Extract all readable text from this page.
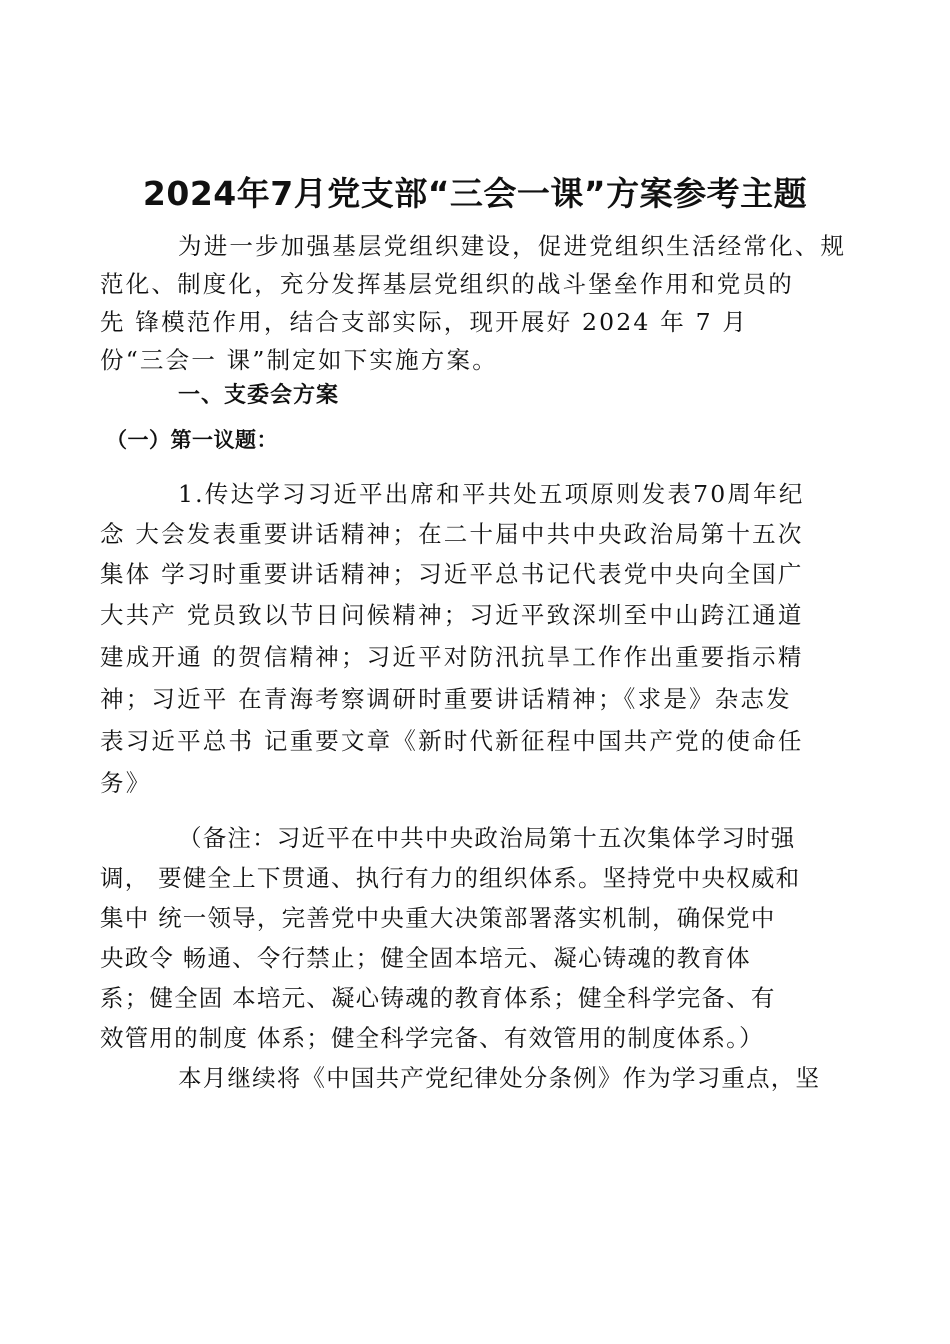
2024年7月党支部“三会一课”方案参考主题
为进一步加强基层党组织建设，促进党组织生活经常化、规
范化、制度化，充分发挥基层党组织的战斗堡垒作用和党员的
先 锋模范作用，结合支部实际，现开展好 2024 年 7 月
份“三会一 课”制定如下实施方案。
一、支委会方案
（一）第一议题：
1.传达学习习近平出席和平共处五项原则发表70周年纪
念 大会发表重要讲话精神；在二十届中共中央政治局第十五次
集体 学习时重要讲话精神；习近平总书记代表党中央向全国广
大共产 党员致以节日问候精神；习近平致深圳至中山跨江通道
建成开通 的贺信精神；习近平对防汛抗旱工作作出重要指示精
神；习近平 在青海考察调研时重要讲话精神；《求是》杂志发
表习近平总书 记重要文章《新时代新征程中国共产党的使命任
务》
（备注：习近平在中共中央政治局第十五次集体学习时强
调， 要健全上下贯通、执行有力的组织体系。坚持党中央权威和
集中 统一领导，完善党中央重大决策部署落实机制，确保党中
央政令 畅通、令行禁止；健全固本培元、凝心铸魂的教育体
系；健全固 本培元、凝心铸魂的教育体系；健全科学完备、有
效管用的制度 体系；健全科学完备、有效管用的制度体系。）
本月继续将《中国共产党纪律处分条例》作为学习重点，坚
